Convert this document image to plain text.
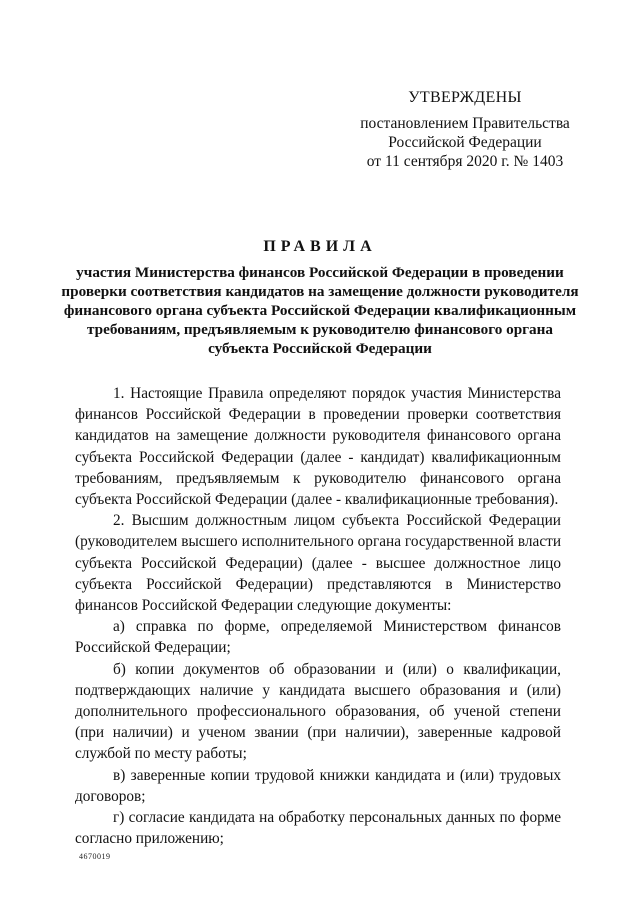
УТВЕРЖДЕНЫ
постановлением Правительства
Российской Федерации
от 11 сентября 2020 г. № 1403
ПРАВИЛА
участия Министерства финансов Российской Федерации в проведении проверки соответствия кандидатов на замещение должности руководителя финансового органа субъекта Российской Федерации квалификационным требованиям, предъявляемым к руководителю финансового органа субъекта Российской Федерации

1. Настоящие Правила определяют порядок участия Министерства финансов Российской Федерации в проведении проверки соответствия кандидатов на замещение должности руководителя финансового органа субъекта Российской Федерации (далее - кандидат) квалификационным требованиям, предъявляемым к руководителю финансового органа субъекта Российской Федерации (далее - квалификационные требования).

2. Высшим должностным лицом субъекта Российской Федерации (руководителем высшего исполнительного органа государственной власти субъекта Российской Федерации) (далее - высшее должностное лицо субъекта Российской Федерации) представляются в Министерство финансов Российской Федерации следующие документы:

а) справка по форме, определяемой Министерством финансов Российской Федерации;

б) копии документов об образовании и (или) о квалификации, подтверждающих наличие у кандидата высшего образования и (или) дополнительного профессионального образования, об ученой степени (при наличии) и ученом звании (при наличии), заверенные кадровой службой по месту работы;

в) заверенные копии трудовой книжки кандидата и (или) трудовых договоров;

г) согласие кандидата на обработку персональных данных по форме согласно приложению;

4670019
